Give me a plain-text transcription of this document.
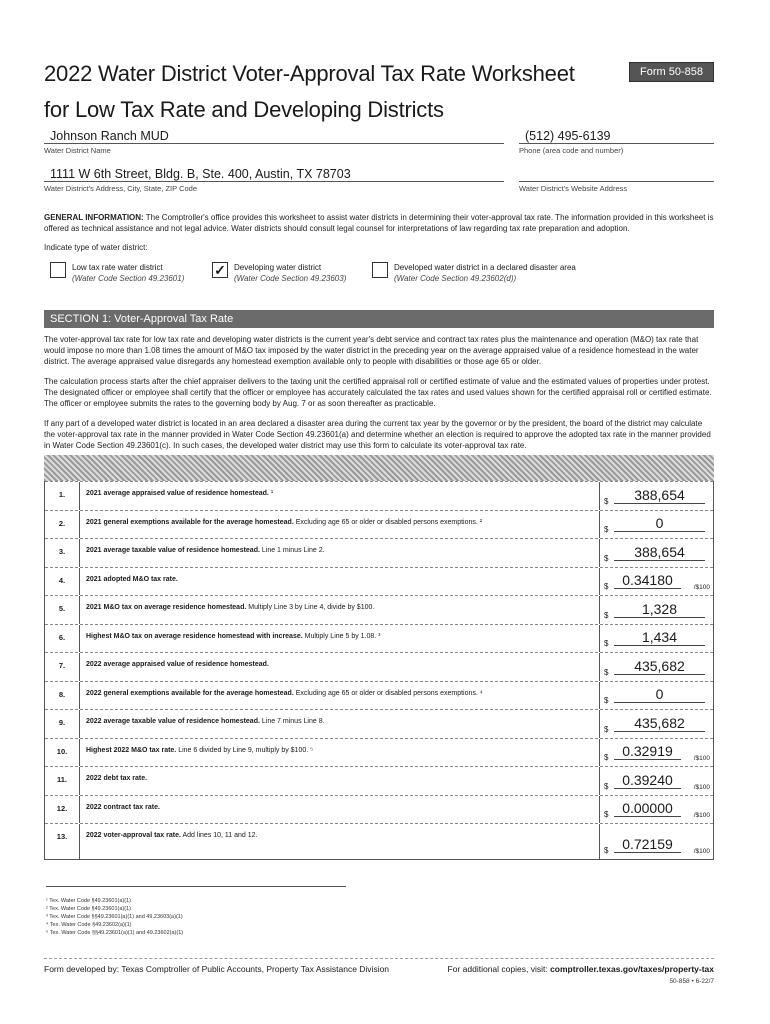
2022 Water District Voter-Approval Tax Rate Worksheet
for Low Tax Rate and Developing Districts
Form 50-858
Johnson Ranch MUD
Water District Name
(512) 495-6139
Phone (area code and number)
1111 W 6th Street, Bldg. B, Ste. 400, Austin, TX 78703
Water District's Address, City, State, ZIP Code	Water District's Website Address
GENERAL INFORMATION: The Comptroller's office provides this worksheet to assist water districts in determining their voter-approval tax rate. The information provided in this worksheet is offered as technical assistance and not legal advice. Water districts should consult legal counsel for interpretations of law regarding tax rate preparation and adoption.
Indicate type of water district:
Low tax rate water district
(Water Code Section 49.23601)
✓ Developing water district
(Water Code Section 49.23603)
Developed water district in a declared disaster area
(Water Code Section 49.23602(d))
SECTION 1: Voter-Approval Tax Rate
The voter-approval tax rate for low tax rate and developing water districts is the current year's debt service and contract tax rates plus the maintenance and operation (M&O) tax rate that would impose no more than 1.08 times the amount of M&O tax imposed by the water district in the preceding year on the average appraised value of a residence homestead in the water district. The average appraised value disregards any homestead exemption available only to people with disabilities or those age 65 or older.
The calculation process starts after the chief appraiser delivers to the taxing unit the certified appraisal roll or certified estimate of value and the estimated values of properties under protest. The designated officer or employee shall certify that the officer or employee has accurately calculated the tax rates and used values shown for the certified appraisal roll or certified estimate. The officer or employee submits the rates to the governing body by Aug. 7 or as soon thereafter as practicable.
If any part of a developed water district is located in an area declared a disaster area during the current tax year by the governor or by the president, the board of the district may calculate the voter-approval tax rate in the manner provided in Water Code Section 49.23601(a) and determine whether an election is required to approve the adopted tax rate in the manner provided in Water Code Section 49.23601(c). In such cases, the developed water district may use this form to calculate its voter-approval tax rate.
1.	2021 average appraised value of residence homestead. ¹
$	388,654
2.	2021 general exemptions available for the average homestead. Excluding age 65 or older or disabled persons exemptions. ²
$	0
3.	2021 average taxable value of residence homestead. Line 1 minus Line 2.
$	388,654
4.	2021 adopted M&O tax rate.
$ 0.34180	/$100
5.	2021 M&O tax on average residence homestead. Multiply Line 3 by Line 4, divide by $100.
$	1,328
6.	Highest M&O tax on average residence homestead with increase. Multiply Line 5 by 1.08. ³
$	1,434
7.	2022 average appraised value of residence homestead.
$	435,682
8.	2022 general exemptions available for the average homestead. Excluding age 65 or older or disabled persons exemptions. ⁴
$	0
9.	2022 average taxable value of residence homestead. Line 7 minus Line 8.
$	435,682
10.	Highest 2022 M&O tax rate. Line 6 divided by Line 9, multiply by $100. ⁵
$ 0.32919	/$100
11.	2022 debt tax rate.
$ 0.39240	/$100
12.	2022 contract tax rate.
$ 0.00000	/$100
13.	2022 voter-approval tax rate. Add lines 10, 11 and 12.
$ 0.72159	/$100
¹ Tex. Water Code §49.23601(a)(1)
² Tex. Water Code §49.23601(a)(1)
³ Tex. Water Code §§49.23601(a)(1) and 49.23603(a)(1)
⁴ Tex. Water Code §49.23602(a)(1)
⁵ Tex. Water Code §§49.23601(a)(1) and 49.23602(a)(1)
Form developed by: Texas Comptroller of Public Accounts, Property Tax Assistance Division	For additional copies, visit: comptroller.texas.gov/taxes/property-tax
50-858 • 6-22/7
